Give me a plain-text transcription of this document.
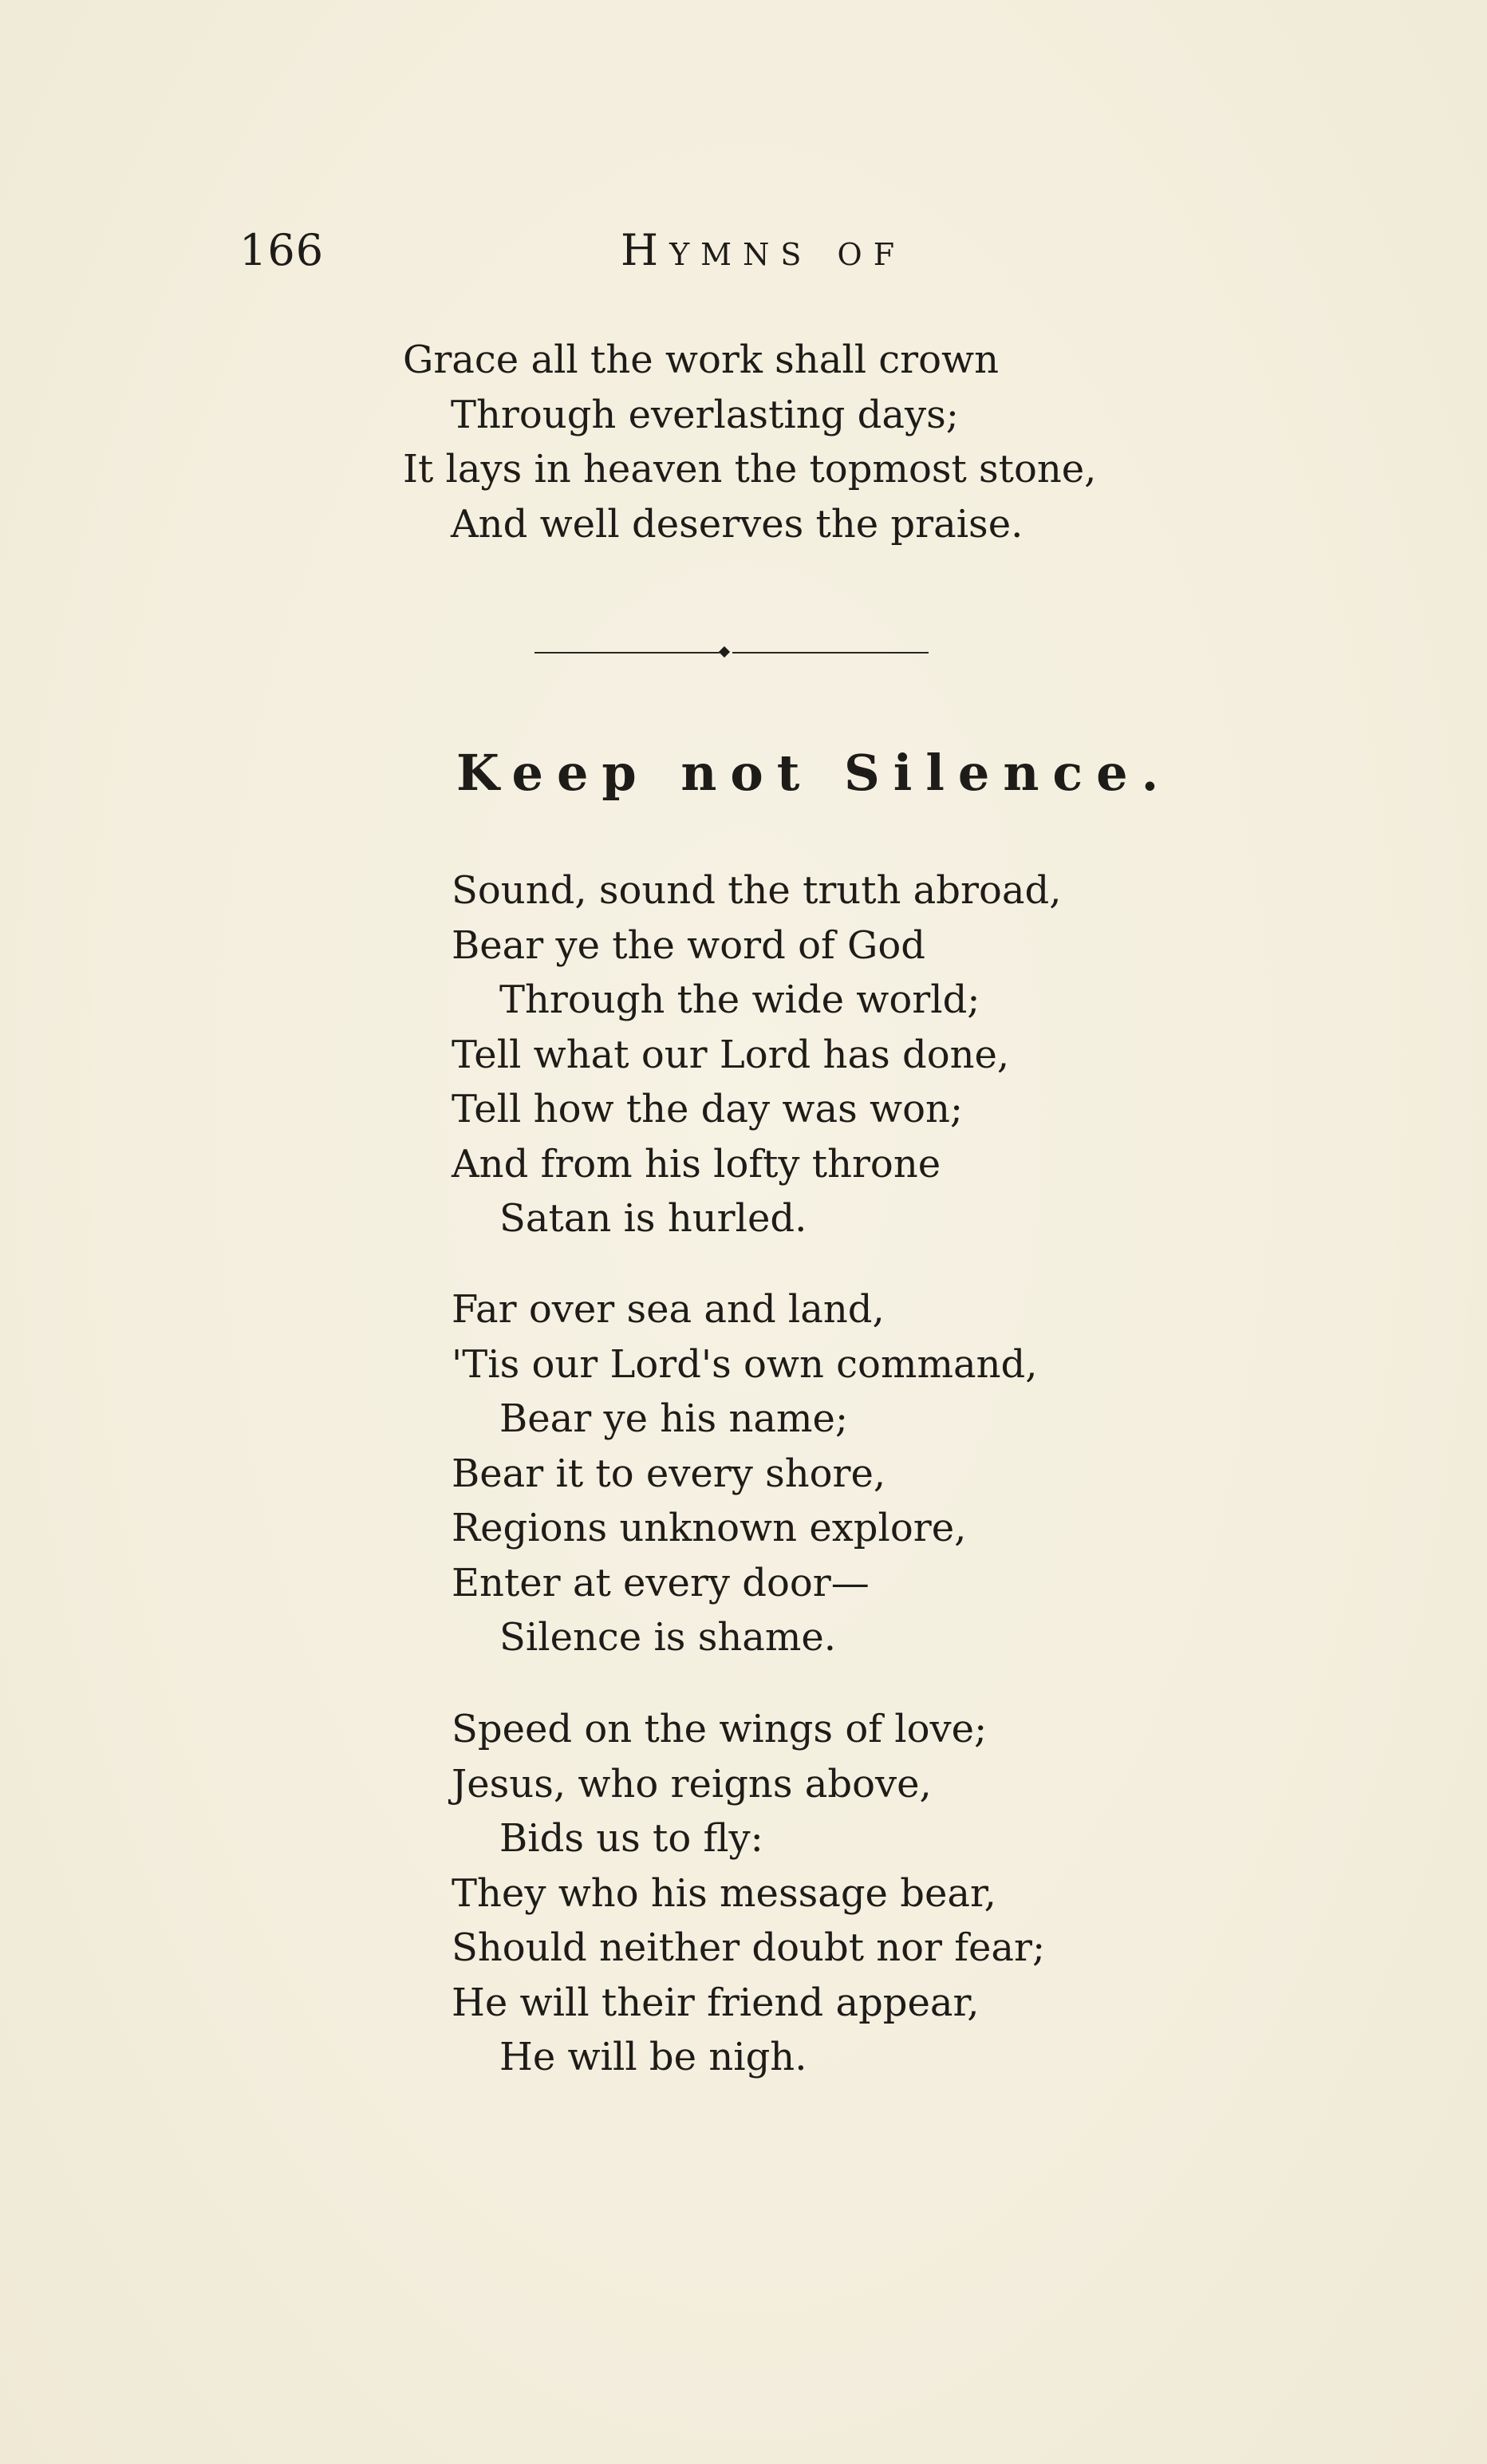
166	Hymns of
Grace all the work shall crown
Through everlasting days;
It lays in heaven the topmost stone,
And well deserves the praise.
Keep not Silence.
Sound, sound the truth abroad,
Bear ye the word of God
Through the wide world;
Tell what our Lord has done,
Tell how the day was won;
And from his lofty throne
Satan is hurled.
Far over sea and land,
'Tis our Lord's own command,
Bear ye his name;
Bear it to every shore,
Regions unknown explore,
Enter at every door—
Silence is shame.
Speed on the wings of love;
Jesus, who reigns above,
Bids us to fly:
They who his message bear,
Should neither doubt nor fear;
He will their friend appear,
He will be nigh.
